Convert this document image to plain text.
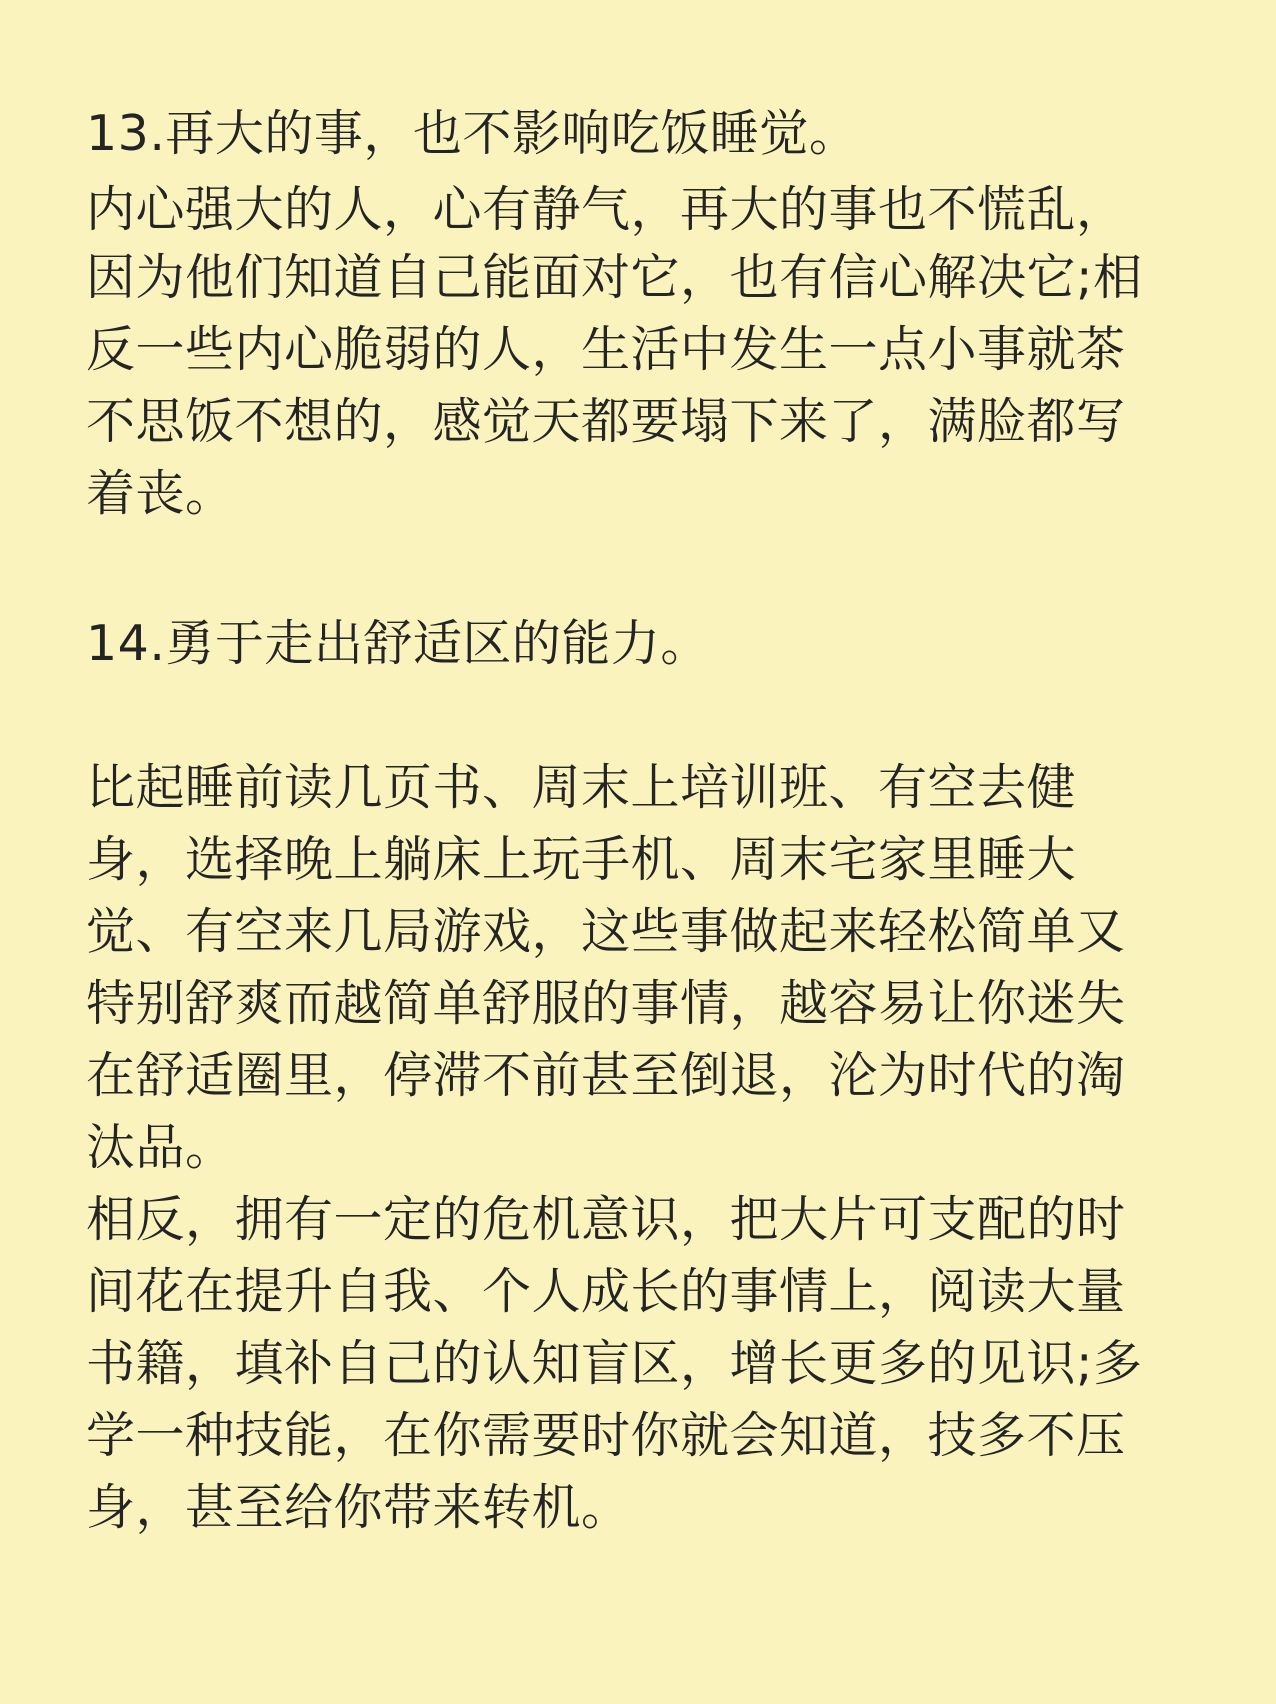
13.再大的事，也不影响吃饭睡觉。
内心强大的人，心有静气，再大的事也不慌乱，
因为他们知道自己能面对它，也有信心解决它;相
反一些内心脆弱的人，生活中发生一点小事就茶
不思饭不想的，感觉天都要塌下来了，满脸都写
着丧。
14.勇于走出舒适区的能力。
比起睡前读几页书、周末上培训班、有空去健
身，选择晚上躺床上玩手机、周末宅家里睡大
觉、有空来几局游戏，这些事做起来轻松简单又
特别舒爽而越简单舒服的事情，越容易让你迷失
在舒适圈里，停滞不前甚至倒退，沦为时代的淘
汰品。
相反，拥有一定的危机意识，把大片可支配的时
间花在提升自我、个人成长的事情上，阅读大量
书籍，填补自己的认知盲区，增长更多的见识;多
学一种技能，在你需要时你就会知道，技多不压
身，甚至给你带来转机。
